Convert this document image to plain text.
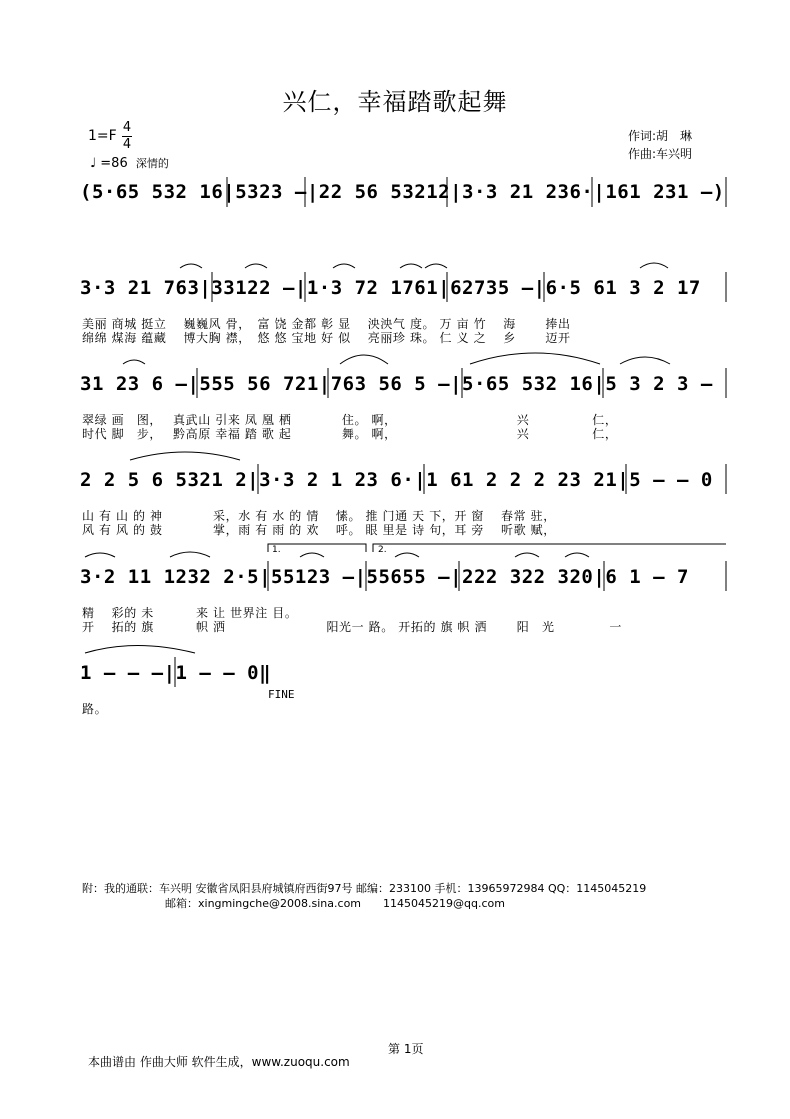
兴仁，幸福踏歌起舞
1=F
4
4
♩ =86 深情的
作词:胡　琳
作曲:车兴明
(5·65 532 16|5323 —|22 56 53212|3·3 21 236·|161 231 —)
3·3 21 763|33122 —|1·3 72 1761|62735 —|6·5 61 3 2 17
美丽 商城 挺立　 巍巍风 骨，　富 饶 金都 彰 显　 泱泱气 度。 万 亩 竹　 海　　 捧出
绵绵 煤海 蕴藏　 博大胸 襟，　悠 悠 宝地 好 似　 亮丽珍 珠。 仁 义 之　 乡　　 迈开
31 23 6 —|555 56 721|763 56 5 —|5·65 532 16|5 3 2 3 —
翠绿 画　图，　 真武山 引来 凤 凰 栖　　　　住。 啊，　　　　　　　　　　兴　　　　　仁，
时代 脚　步，　 黔高原 幸福 踏 歌 起　　　　舞。 啊，　　　　　　　　　　兴　　　　　仁，
2 2 5 6 5321 2|3·3 2 1 23 6·|1 61 2 2 2 23 21|5 — — 0
山 有 山 的 神　　　　采，水 有 水 的 情　 愫。 推 门通 天 下，开 窗　 春常 驻，
风 有 风 的 鼓　　　　掌，雨 有 雨 的 欢　 呼。 眼 里是 诗 句，耳 旁　 听歌 赋，
1.	2.
3·2 11 1232 2·5|55123 —|55655 —|222 322 320|6 1 — 7
精　 彩的 未　　　 来 让 世界注 目。
开　 拓的 旗　　　 帜 洒　　　　　　　　阳光一 路。 开拓的 旗 帜 洒　　 阳　光　　　　 一
1 — — —|1 — — 0‖
FINE
路。
附：我的通联：车兴明 安徽省凤阳县府城镇府西街97号 邮编：233100 手机：13965972984 QQ：1145045219
邮箱：xingmingche@2008.sina.com　　1145045219@qq.com
第 1页
本曲谱由 作曲大师 软件生成，www.zuoqu.com
